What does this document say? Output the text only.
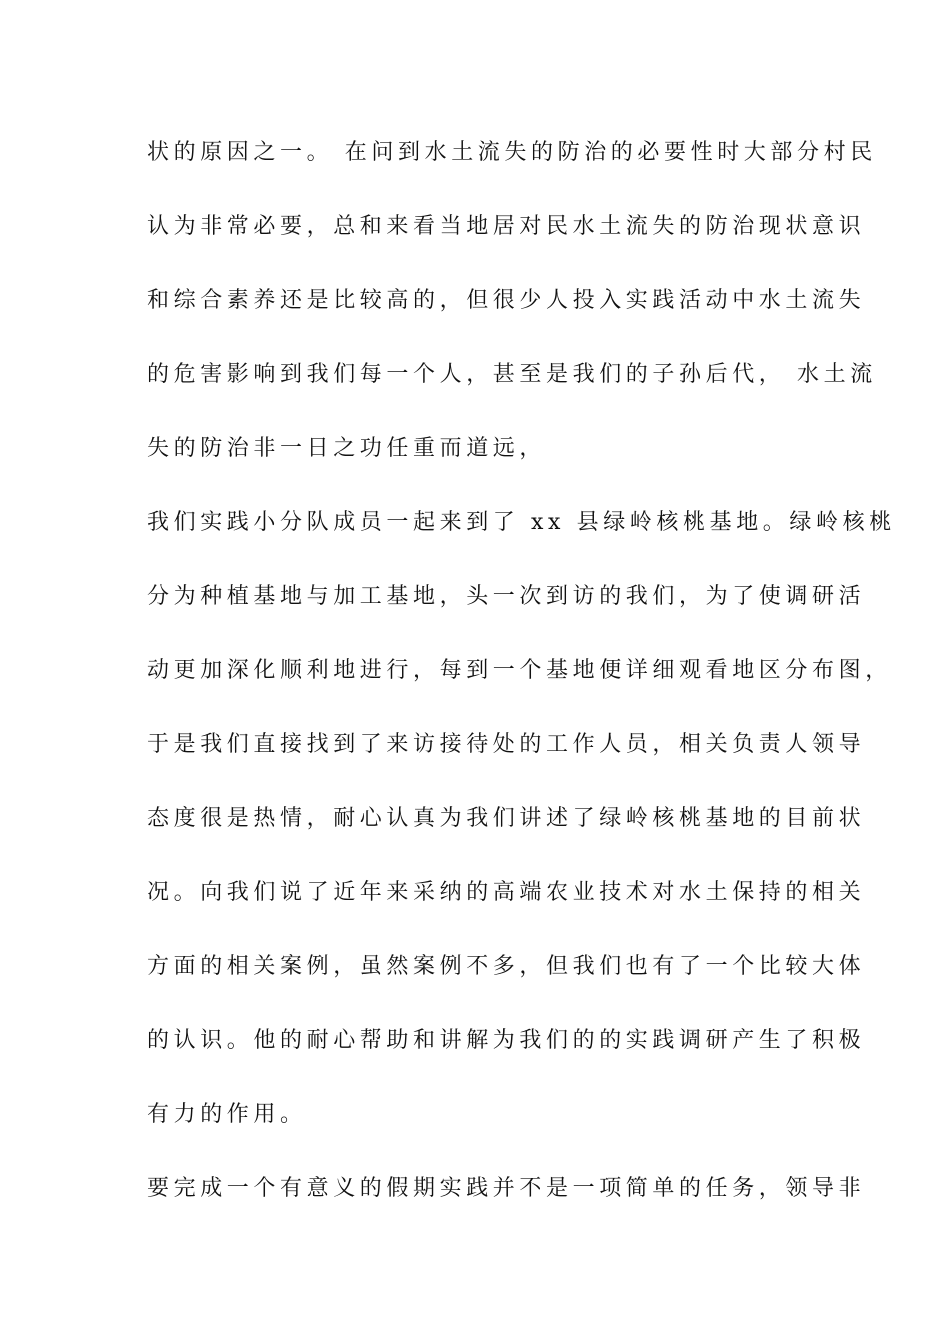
状的原因之一。 在问到水土流失的防治的必要性时大部分村民
认为非常必要，总和来看当地居对民水土流失的防治现状意识
和综合素养还是比较高的，但很少人投入实践活动中水土流失
的危害影响到我们每一个人，甚至是我们的子孙后代， 水土流
失的防治非一日之功任重而道远，
我们实践小分队成员一起来到了 xx 县绿岭核桃基地。绿岭核桃
分为种植基地与加工基地，头一次到访的我们，为了使调研活
动更加深化顺利地进行，每到一个基地便详细观看地区分布图，
于是我们直接找到了来访接待处的工作人员，相关负责人领导
态度很是热情，耐心认真为我们讲述了绿岭核桃基地的目前状
况。向我们说了近年来采纳的高端农业技术对水土保持的相关
方面的相关案例，虽然案例不多，但我们也有了一个比较大体
的认识。他的耐心帮助和讲解为我们的的实践调研产生了积极
有力的作用。
要完成一个有意义的假期实践并不是一项简单的任务，领导非
